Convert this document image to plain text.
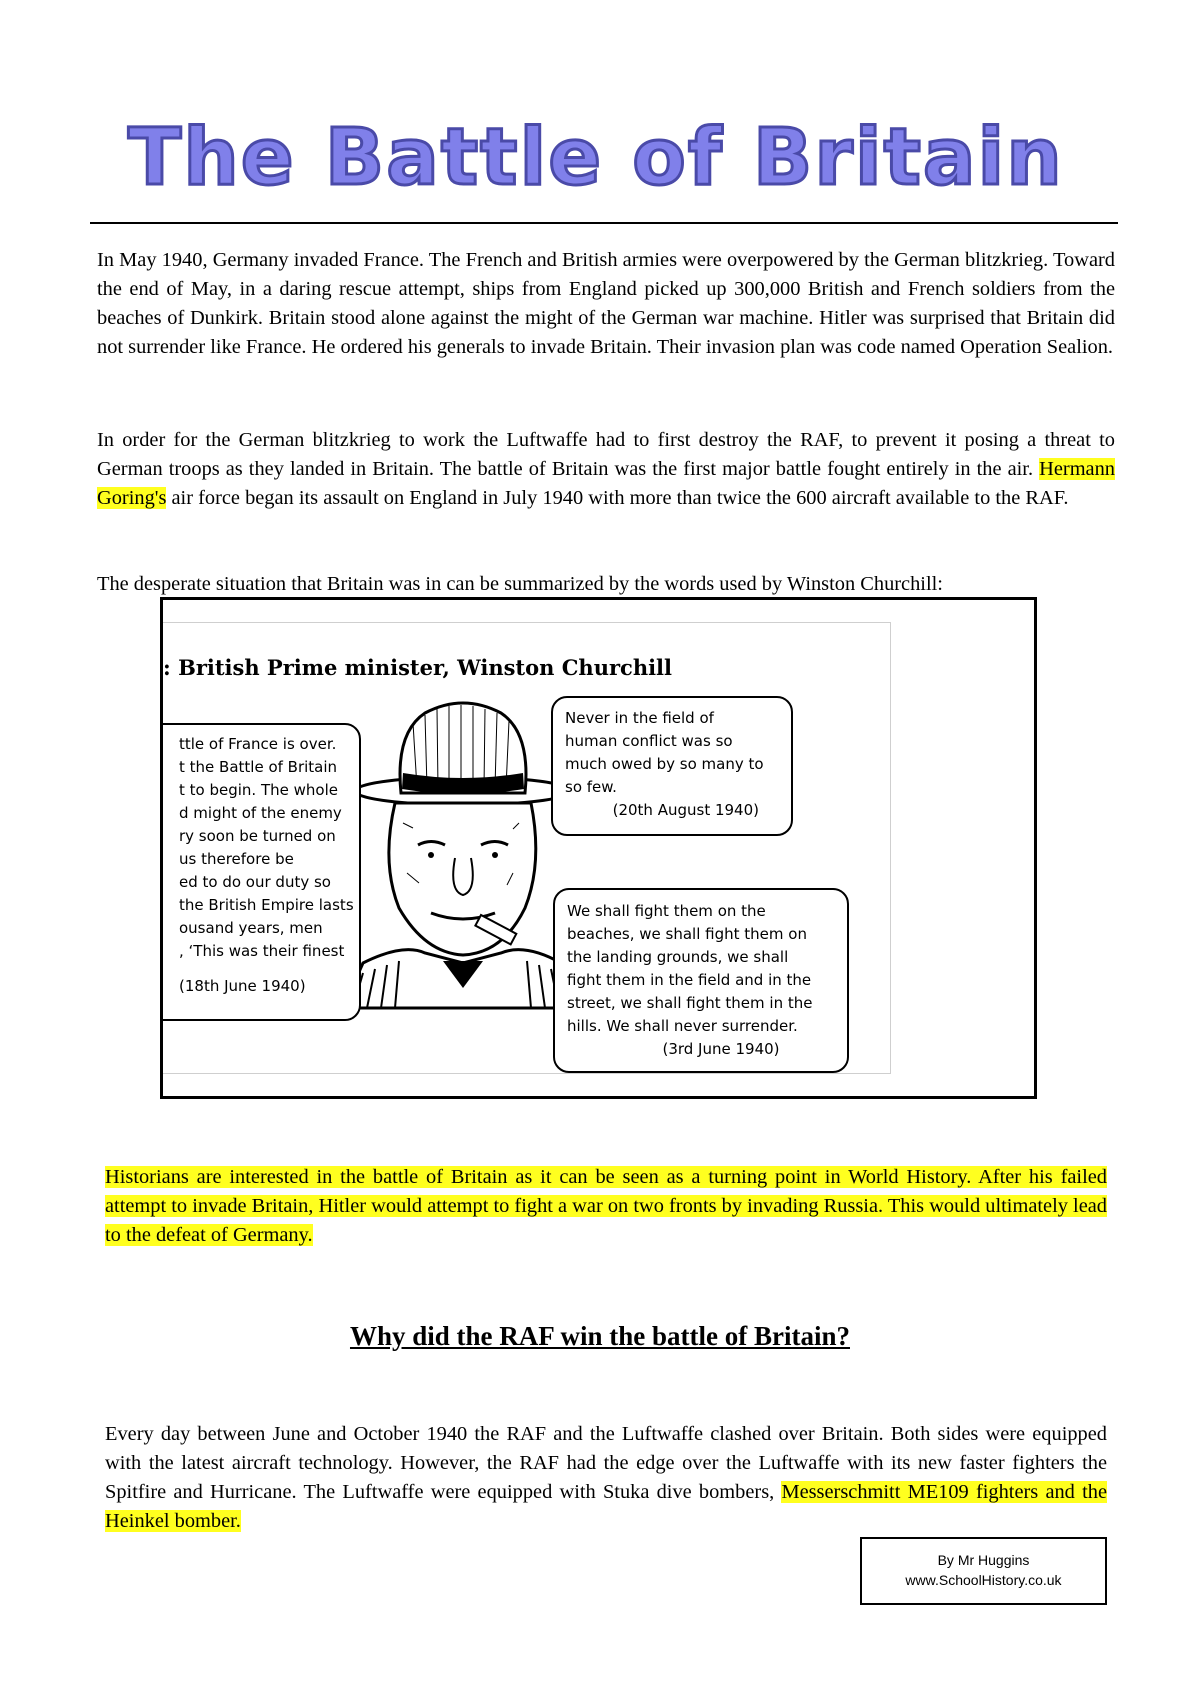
The Battle of Britain

In May 1940, Germany invaded France. The French and British armies were overpowered by the German blitzkrieg. Toward the end of May, in a daring rescue attempt, ships from England picked up 300,000 British and French soldiers from the beaches of Dunkirk. Britain stood alone against the might of the German war machine. Hitler was surprised that Britain did not surrender like France. He ordered his generals to invade Britain. Their invasion plan was code named Operation Sealion.

In order for the German blitzkrieg to work the Luftwaffe had to first destroy the RAF, to prevent it posing a threat to German troops as they landed in Britain. The battle of Britain was the first major battle fought entirely in the air. Hermann Goring's air force began its assault on England in July 1940 with more than twice the 600 aircraft available to the RAF.

The desperate situation that Britain was in can be summarized by the words used by Winston Churchill:

: British Prime minister, Winston Churchill
ttle of France is over.
t the Battle of Britain
t to begin. The whole
d might of the enemy
ry soon be turned on
us therefore be
ed to do our duty so
the British Empire lasts
ousand years, men
, ‘This was their finest
(18th June 1940)
Never in the field of
human conflict was so
much owed by so many to
so few.
(20th August 1940)
We shall fight them on the
beaches, we shall fight them on
the landing grounds, we shall
fight them in the field and in the
street, we shall fight them in the
hills. We shall never surrender.
(3rd June 1940)

Historians are interested in the battle of Britain as it can be seen as a turning point in World History. After his failed attempt to invade Britain, Hitler would attempt to fight a war on two fronts by invading Russia. This would ultimately lead to the defeat of Germany.

Why did the RAF win the battle of Britain?

Every day between June and October 1940 the RAF and the Luftwaffe clashed over Britain. Both sides were equipped with the latest aircraft technology. However, the RAF had the edge over the Luftwaffe with its new faster fighters the Spitfire and Hurricane. The Luftwaffe were equipped with Stuka dive bombers, Messerschmitt ME109 fighters and the Heinkel bomber.

By Mr Huggins
www.SchoolHistory.co.uk
